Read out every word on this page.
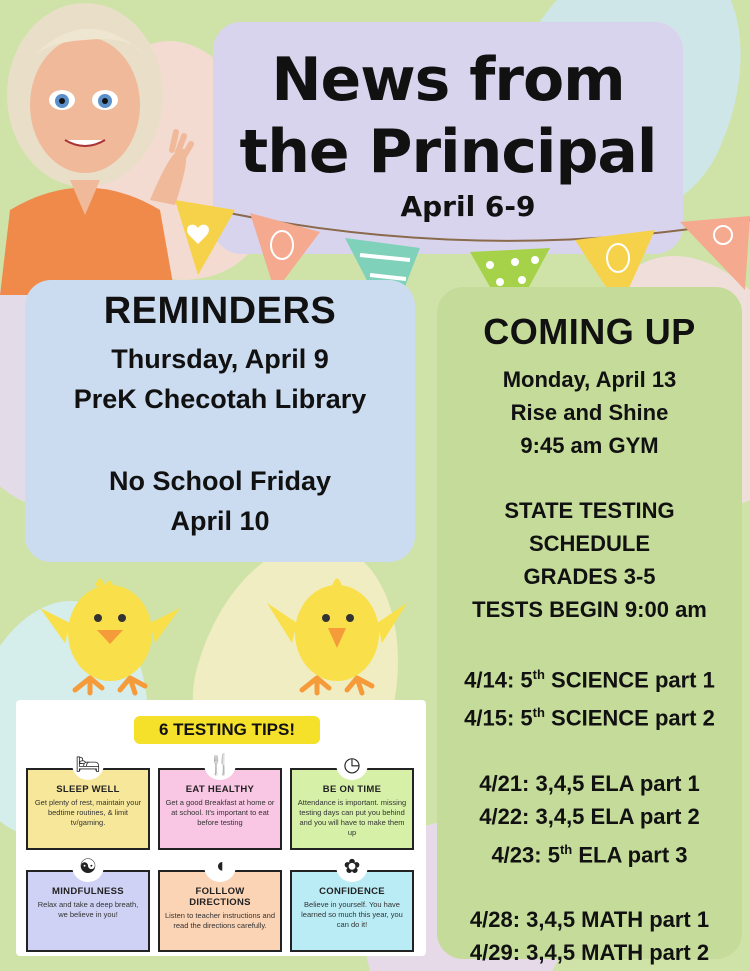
News from
the Principal
April 6-9
REMINDERS
Thursday, April 9
PreK Checotah Library
No School Friday
April 10
COMING UP
Monday, April 13
Rise and Shine
9:45 am GYM
STATE TESTING
SCHEDULE
GRADES 3-5
TESTS BEGIN 9:00 am
4/14: 5th SCIENCE part 1
4/15: 5th SCIENCE part 2
4/21: 3,4,5 ELA part 1
4/22: 3,4,5 ELA part 2
4/23: 5th ELA part 3
4/28: 3,4,5 MATH part 1
4/29: 3,4,5 MATH part 2
6 TESTING TIPS!
🛏
SLEEP WELL
Get plenty of rest, maintain your bedtime routines, & limit tv/gaming.
🍴
EAT HEALTHY
Get a good Breakfast at home or at school. It's important to eat before testing
◷
BE ON TIME
Attendance is important. missing testing days can put you behind and you will have to make them up
☯
MINDFULNESS
Relax and take a deep breath, we believe in you!
◖
FOLLLOW DIRECTIONS
Listen to teacher instructions and read the directions carefully.
✿
CONFIDENCE
Believe in yourself. You have learned so much this year, you can do it!
